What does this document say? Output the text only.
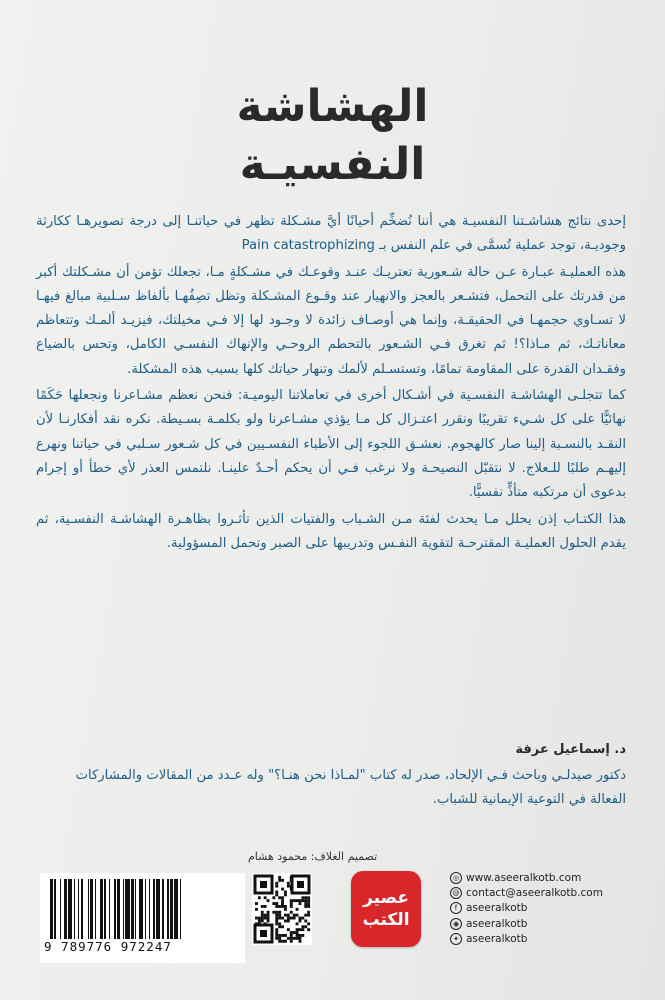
الهشاشة
النفسيـة

إحدى نتائج هشاشـتنا النفسيـة هي أننا نُضخِّم أحيانًا أيَّ مشـكلة تظهر في حياتنـا إلى درجة تصويرهـا ككارثة وجوديـة، توجد عملية تُسمَّى في علم النفس بـ Pain catastrophizing

هذه العمليـة عبـارة عـن حالة شـعورية تعتريـك عنـد وقوعـك في مشـكلةٍ مـا، تجعلك تؤمن أن مشـكلتك أكبر من قدرتك على التحمل، فتشـعر بالعجز والانهيار عند وقـوع المشـكلة وتظل تصِفُهـا بألفاظ سـلبية مبالغ فيهـا لا تسـاوي حجمهـا في الحقيقـة، وإنما هي أوصـاف زائدة لا وجـود لها إلا فـي مخيلتك، فيزيـد ألمـك وتتعاظم معاناتـك، ثم مـاذا؟! ثم تغرق فـي الشـعور بالتحطم الروحـي والإنهاك النفسـي الكامل، وتحس بالضياع وفقـدان القدرة على المقاومة تمامًا، وتستسـلم لألمك وتنهار حياتك كلها بسبب هذه المشكلة.

كما تتجلـى الهشاشـة النفسـية في أشـكال أخرى في تعاملاتنا اليوميـة: فنحن نعظم مشـاعرنا ونجعلها حَكَمًا نهائيًّا على كل شـيء تقريبًا ونقرر اعتـزال كل مـا يؤذي مشـاعرنا ولو بكلمـة بسـيطة. نكره نقد أفكارنـا لأن النقـد بالنسـبة إلينا صار كالهجوم. نعشـق اللجوء إلى الأطباء النفسـيين في كل شـعور سـلبي في حياتنا ونهرع إليهـم طلبًا للـعلاج. لا نتقبّل النصيحـة ولا نرغب فـي أن يحكم أحـدٌ علينـا. نلتمس العذر لأي خطأ أو إجرام بدعوى أن مرتكبه متأذٍّ نفسيًّا.

هذا الكتـاب إذن يحلل مـا يحدث لفئة مـن الشـباب والفتيات الذين تأثـروا بظاهـرة الهشاشـة النفسـية، ثم يقدم الحلول العمليـة المقترحـة لتقوية النفـس وتدريبها على الصبر وتحمل المسؤولية.

د. إسماعيل عرفة
دكتور صيدلـي وباحث فـي الإلحاد، صدر له كتاب "لمـاذا نحن هنـا؟" وله عـدد من المقالات والمشاركات الفعالة في التوعية الإيمانية للشباب.
تصميم الغلاف: محمود هشام
9 789776 972247
عصير
الكتب
◎ www.aseeralkotb.com
@ contact@aseeralkotb.com
f aseeralkotb
◉ aseeralkotb
✦ aseeralkotb
